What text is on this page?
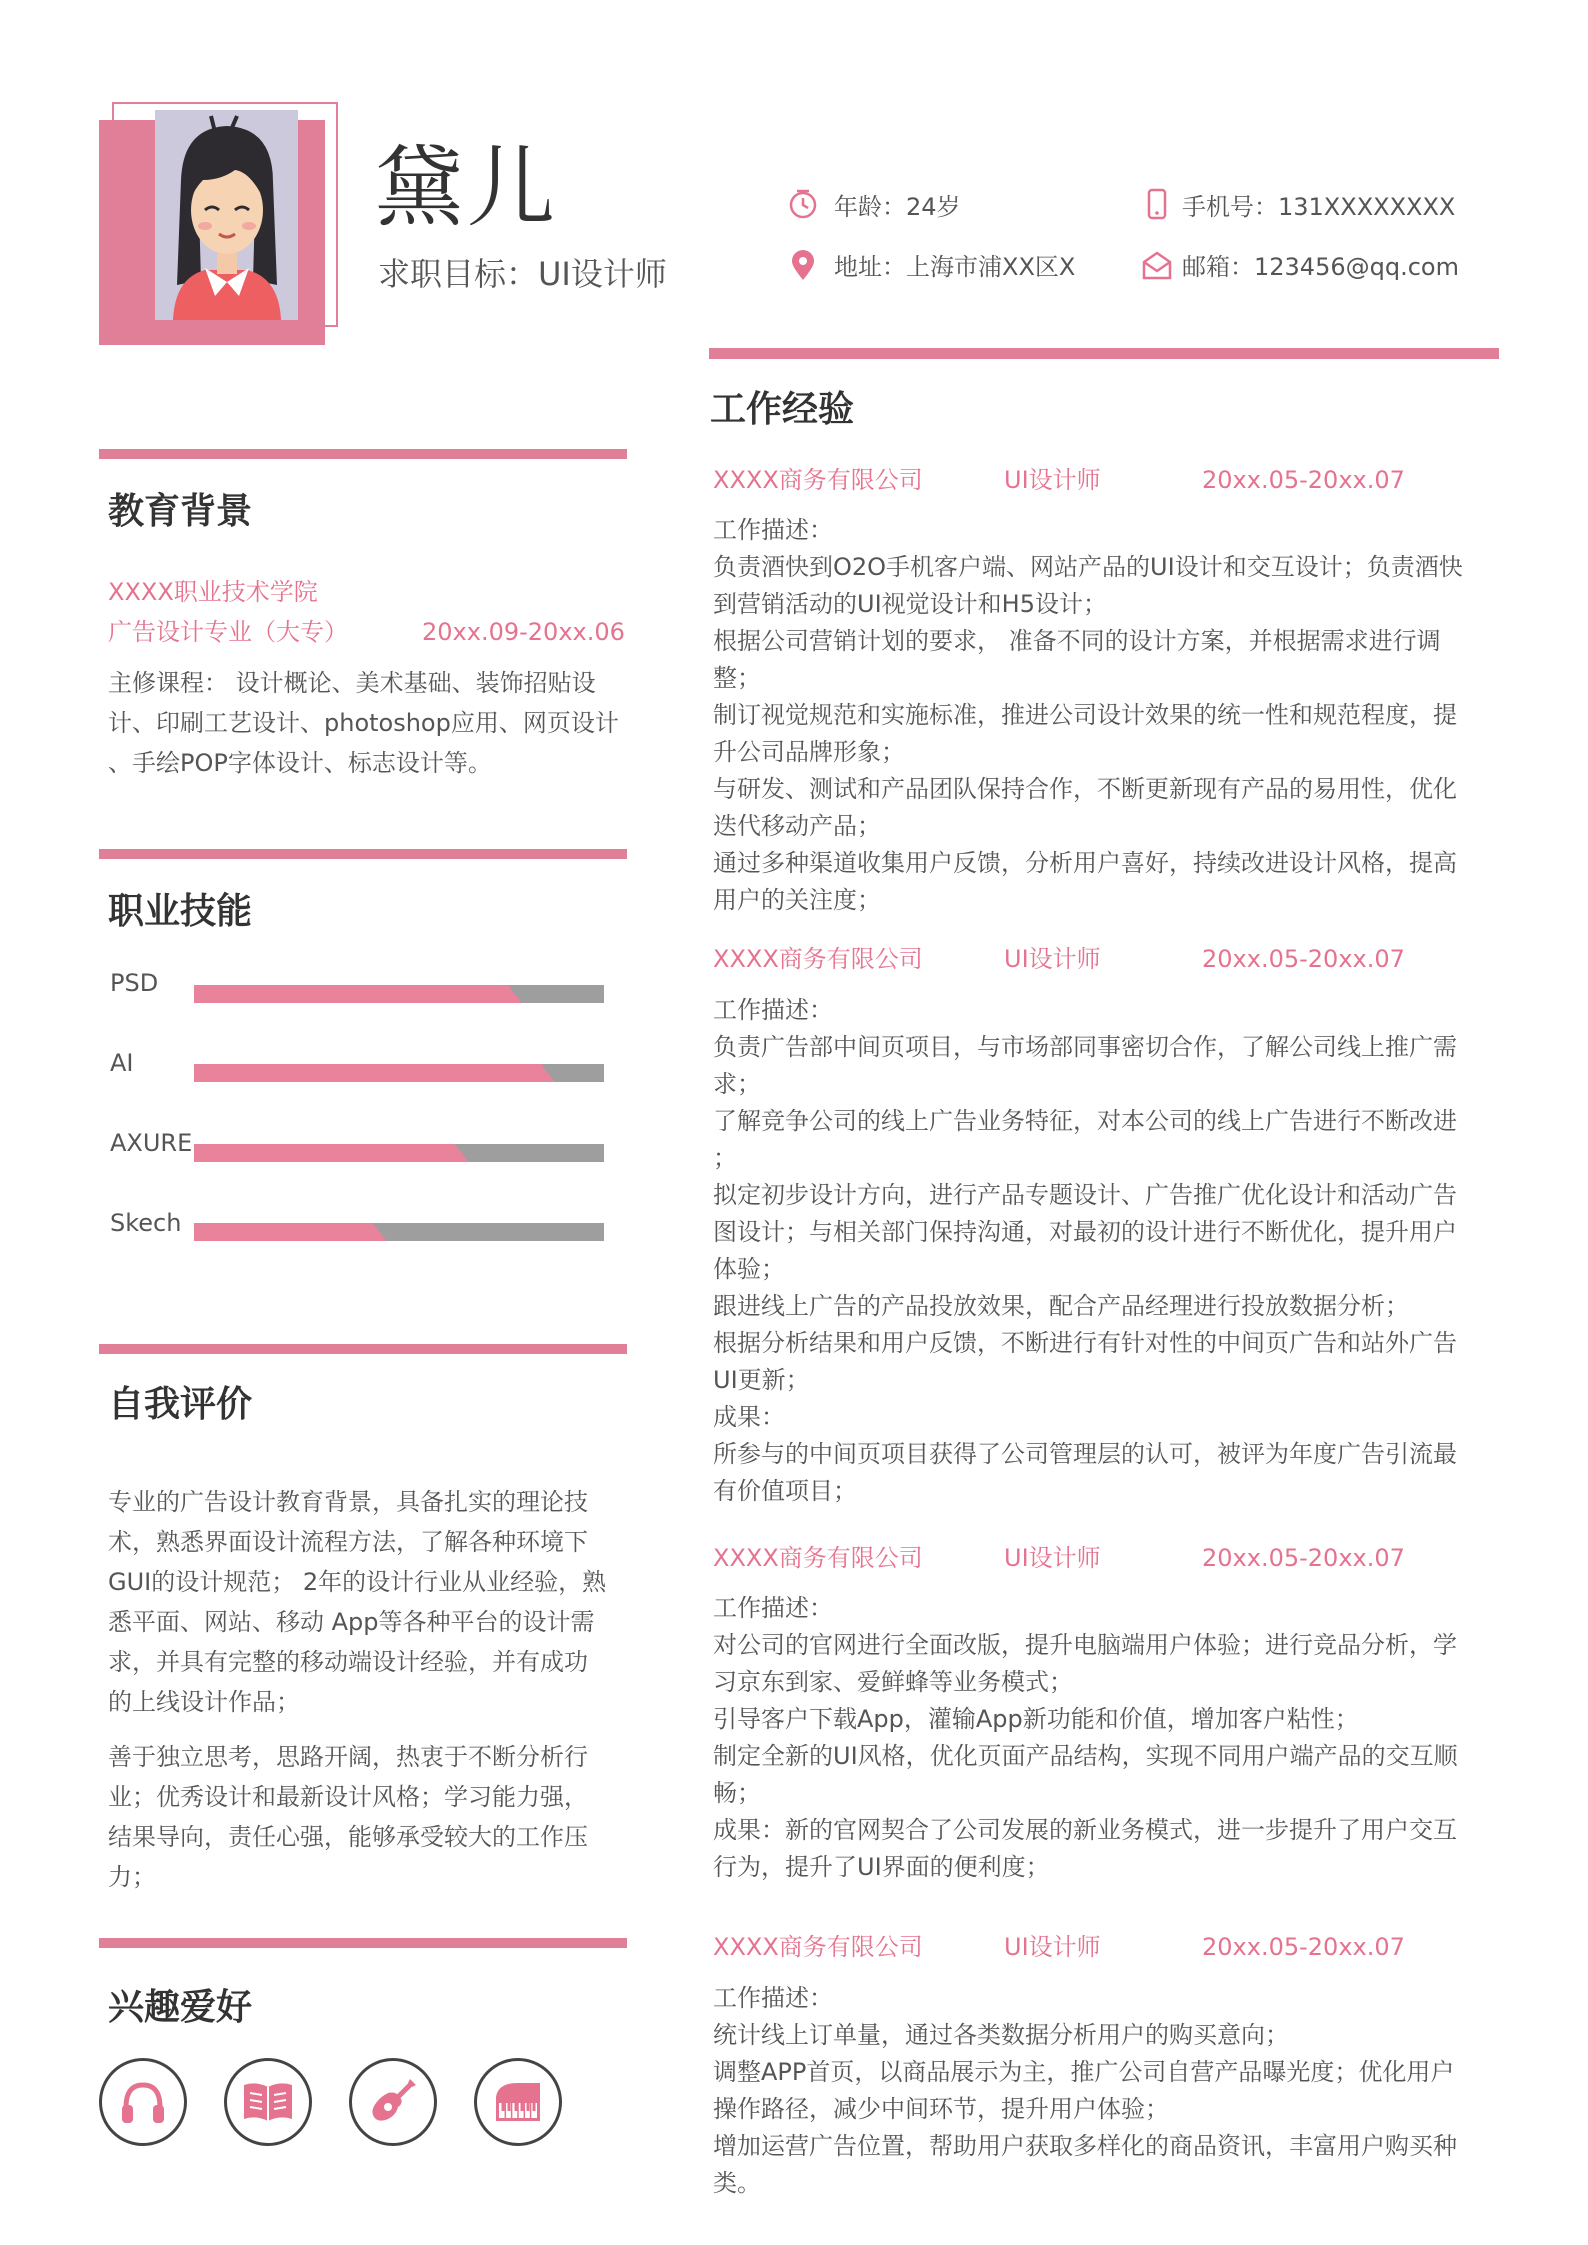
黛儿
求职目标：UI设计师
年龄：24岁	手机号：131XXXXXXXX
地址：上海市浦XX区X	邮箱：123456@qq.com
教育背景
XXXX职业技术学院
广告设计专业（大专）	20xx.09-20xx.06
主修课程： 设计概论、美术基础、装饰招贴设
计、印刷工艺设计、photoshop应用、网页设计
、手绘POP字体设计、标志设计等。
职业技能
PSD
AI
AXURE
Skech
自我评价
专业的广告设计教育背景，具备扎实的理论技
术，熟悉界面设计流程方法，了解各种环境下
GUI的设计规范； 2年的设计行业从业经验，熟
悉平面、网站、移动 App等各种平台的设计需
求，并具有完整的移动端设计经验，并有成功
的上线设计作品；
善于独立思考，思路开阔，热衷于不断分析行
业；优秀设计和最新设计风格；学习能力强，
结果导向，责任心强，能够承受较大的工作压
力；
兴趣爱好
工作经验
XXXX商务有限公司	UI设计师	20xx.05-20xx.07

工作描述：

负责酒快到O2O手机客户端、网站产品的UI设计和交互设计；负责酒快

到营销活动的UI视觉设计和H5设计；

根据公司营销计划的要求， 准备不同的设计方案，并根据需求进行调

整；

制订视觉规范和实施标准，推进公司设计效果的统一性和规范程度，提

升公司品牌形象；

与研发、测试和产品团队保持合作，不断更新现有产品的易用性，优化

迭代移动产品；

通过多种渠道收集用户反馈，分析用户喜好，持续改进设计风格，提高

用户的关注度；

XXXX商务有限公司	UI设计师	20xx.05-20xx.07

工作描述：

负责广告部中间页项目，与市场部同事密切合作，了解公司线上推广需

求；

了解竞争公司的线上广告业务特征，对本公司的线上广告进行不断改进

；

拟定初步设计方向，进行产品专题设计、广告推广优化设计和活动广告

图设计；与相关部门保持沟通，对最初的设计进行不断优化，提升用户

体验；

跟进线上广告的产品投放效果，配合产品经理进行投放数据分析；

根据分析结果和用户反馈，不断进行有针对性的中间页广告和站外广告

UI更新；

成果：

所参与的中间页项目获得了公司管理层的认可，被评为年度广告引流最

有价值项目；

XXXX商务有限公司	UI设计师	20xx.05-20xx.07

工作描述：

对公司的官网进行全面改版，提升电脑端用户体验；进行竞品分析，学

习京东到家、爱鲜蜂等业务模式；

引导客户下载App，灌输App新功能和价值，增加客户粘性；

制定全新的UI风格，优化页面产品结构，实现不同用户端产品的交互顺

畅；

成果：新的官网契合了公司发展的新业务模式，进一步提升了用户交互

行为，提升了UI界面的便利度；

XXXX商务有限公司	UI设计师	20xx.05-20xx.07

工作描述：

统计线上订单量，通过各类数据分析用户的购买意向；

调整APP首页，以商品展示为主，推广公司自营产品曝光度；优化用户

操作路径，减少中间环节，提升用户体验；

增加运营广告位置，帮助用户获取多样化的商品资讯，丰富用户购买种

类。
